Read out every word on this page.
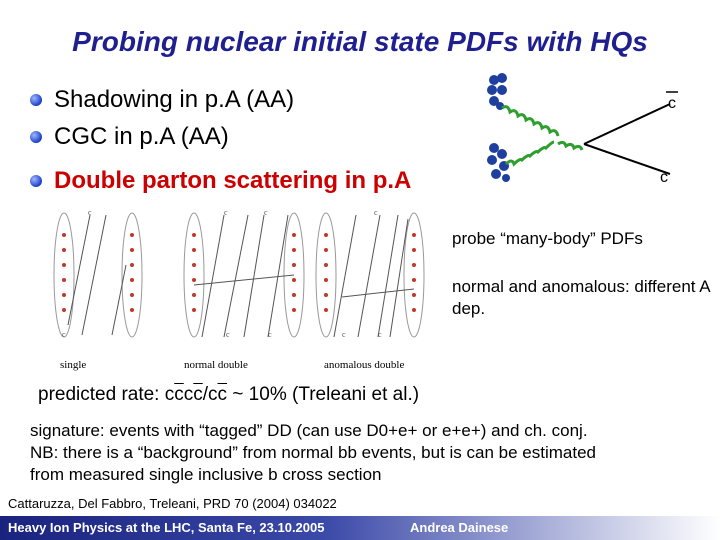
Probing nuclear initial state PDFs with HQs
Shadowing in p.A (AA)
CGC in p.A (AA)
Double parton scattering in p.A
c
c
c
c
c	c
c	c
c
c	c
single	normal double	anomalous double
probe “many-body” PDFs
normal and anomalous: different A dep.
predicted rate: c $\overline{c}$ c $\overline{c}$ / c $\overline{c}$ ~ 10% (Treleani et al.)
signature: events with “tagged” DD (can use D0+e+ or e+e+) and ch. conj.
NB: there is a “background” from normal bb events, but is can be estimated
from measured single inclusive b cross section
Cattaruzza, Del Fabbro, Treleani, PRD 70 (2004) 034022
Heavy Ion Physics at the LHC, Santa Fe, 23.10.2005	Andrea Dainese
